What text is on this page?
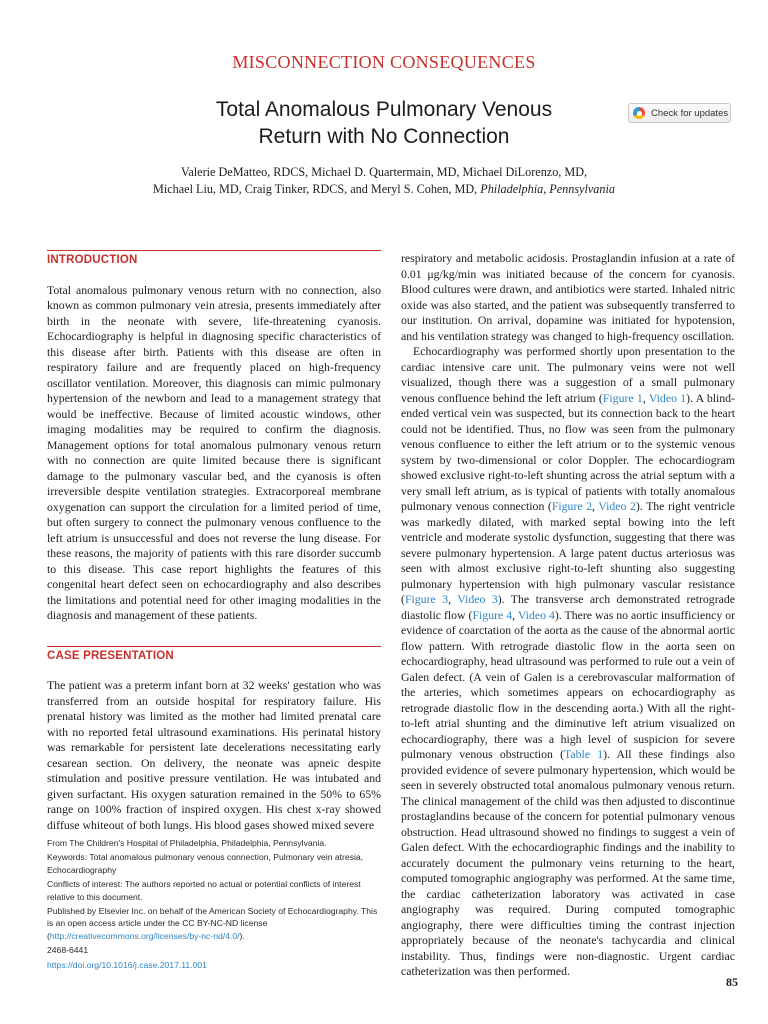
MISCONNECTION CONSEQUENCES
Total Anomalous Pulmonary Venous
Return with No Connection
Check for updates
Valerie DeMatteo, RDCS, Michael D. Quartermain, MD, Michael DiLorenzo, MD,
Michael Liu, MD, Craig Tinker, RDCS, and Meryl S. Cohen, MD, Philadelphia, Pennsylvania
INTRODUCTION

Total anomalous pulmonary venous return with no connection, also known as common pulmonary vein atresia, presents immediately after birth in the neonate with severe, life-threatening cyanosis. Echocardiography is helpful in diagnosing specific characteristics of this disease after birth. Patients with this disease are often in respiratory failure and are frequently placed on high-frequency oscillator ventilation. Moreover, this diagnosis can mimic pulmonary hypertension of the newborn and lead to a management strategy that would be ineffective. Because of limited acoustic windows, other imaging modalities may be required to confirm the diagnosis. Management options for total anomalous pulmonary venous return with no connection are quite limited because there is significant damage to the pulmonary vascular bed, and the cyanosis is often irreversible despite ventilation strategies. Extracorporeal membrane oxygenation can support the circulation for a limited period of time, but often surgery to connect the pulmonary venous confluence to the left atrium is unsuccessful and does not reverse the lung disease. For these reasons, the majority of patients with this rare disorder succumb to this disease. This case report highlights the features of this congenital heart defect seen on echocardiography and also describes the limitations and potential need for other imaging modalities in the diagnosis and management of these patients.

CASE PRESENTATION

The patient was a preterm infant born at 32 weeks' gestation who was transferred from an outside hospital for respiratory failure. His prenatal history was limited as the mother had limited prenatal care with no reported fetal ultrasound examinations. His perinatal history was remarkable for persistent late decelerations necessitating early cesarean section. On delivery, the neonate was apneic despite stimulation and positive pressure ventilation. He was intubated and given surfactant. His oxygen saturation remained in the 50% to 65% range on 100% fraction of inspired oxygen. His chest x-ray showed diffuse whiteout of both lungs. His blood gases showed mixed severe

respiratory and metabolic acidosis. Prostaglandin infusion at a rate of 0.01 μg/kg/min was initiated because of the concern for cyanosis. Blood cultures were drawn, and antibiotics were started. Inhaled nitric oxide was also started, and the patient was subsequently transferred to our institution. On arrival, dopamine was initiated for hypotension, and his ventilation strategy was changed to high-frequency oscillation.

Echocardiography was performed shortly upon presentation to the cardiac intensive care unit. The pulmonary veins were not well visualized, though there was a suggestion of a small pulmonary venous confluence behind the left atrium (Figure 1, Video 1). A blind-ended vertical vein was suspected, but its connection back to the heart could not be identified. Thus, no flow was seen from the pulmonary venous confluence to either the left atrium or to the systemic venous system by two-dimensional or color Doppler. The echocardiogram showed exclusive right-to-left shunting across the atrial septum with a very small left atrium, as is typical of patients with totally anomalous pulmonary venous connection (Figure 2, Video 2). The right ventricle was markedly dilated, with marked septal bowing into the left ventricle and moderate systolic dysfunction, suggesting that there was severe pulmonary hypertension. A large patent ductus arteriosus was seen with almost exclusive right-to-left shunting also suggesting pulmonary hypertension with high pulmonary vascular resistance (Figure 3, Video 3). The transverse arch demonstrated retrograde diastolic flow (Figure 4, Video 4). There was no aortic insufficiency or evidence of coarctation of the aorta as the cause of the abnormal aortic flow pattern. With retrograde diastolic flow in the aorta seen on echocardiography, head ultrasound was performed to rule out a vein of Galen defect. (A vein of Galen is a cerebrovascular malformation of the arteries, which sometimes appears on echocardiography as retrograde diastolic flow in the descending aorta.) With all the right-to-left atrial shunting and the diminutive left atrium visualized on echocardiography, there was a high level of suspicion for severe pulmonary venous obstruction (Table 1). All these findings also provided evidence of severe pulmonary hypertension, which would be seen in severely obstructed total anomalous pulmonary venous return. The clinical management of the child was then adjusted to discontinue prostaglandins because of the concern for potential pulmonary venous obstruction. Head ultrasound showed no findings to suggest a vein of Galen defect. With the echocardiographic findings and the inability to accurately document the pulmonary veins returning to the heart, computed tomographic angiography was performed. At the same time, the cardiac catheterization laboratory was activated in case angiography was required. During computed tomographic angiography, there were difficulties timing the contrast injection appropriately because of the neonate's tachycardia and clinical instability. Thus, findings were non-diagnostic. Urgent cardiac catheterization was then performed.

From The Children's Hospital of Philadelphia, Philadelphia, Pennsylvania.

Keywords: Total anomalous pulmonary venous connection, Pulmonary vein atresia, Echocardiography

Conflicts of interest: The authors reported no actual or potential conflicts of interest relative to this document.

Published by Elsevier Inc. on behalf of the American Society of Echocardiography. This is an open access article under the CC BY-NC-ND license (http://creativecommons.org/licenses/by-nc-nd/4.0/).

2468-6441

https://doi.org/10.1016/j.case.2017.11.001

85
